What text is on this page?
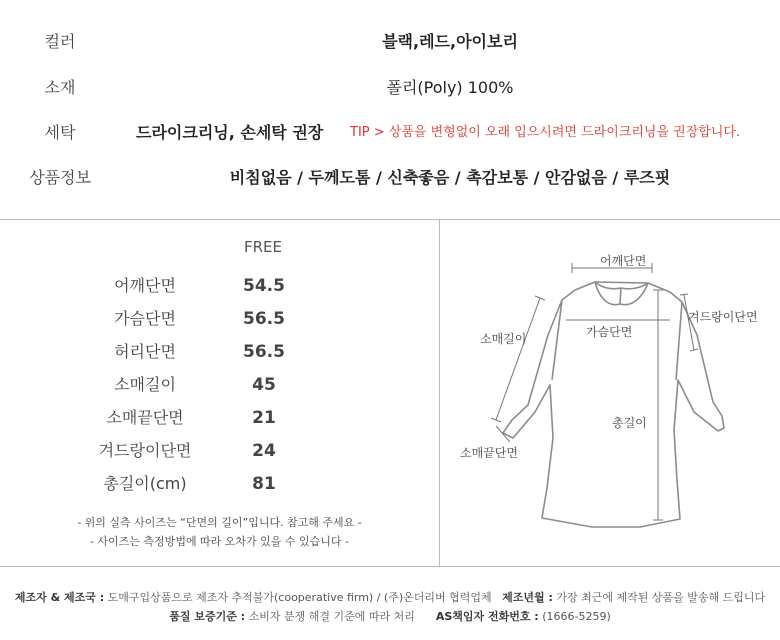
컬러	블랙,레드,아이보리
소재	폴리(Poly) 100%
세탁	드라이크리닝, 손세탁 권장 TIP > 상품을 변형없이 오래 입으시려면 드라이크리닝을 권장합니다.
상품정보	비침없음 / 두께도톰 / 신축좋음 / 촉감보통 / 안감없음 / 루즈핏
FREE
어깨단면	54.5
가슴단면	56.5
허리단면	56.5
소매길이	45
소매끝단면	21
겨드랑이단면	24
총길이(cm)	81
- 위의 실측 사이즈는 “단면의 길이”입니다. 참고해 주세요 -
- 사이즈는 측정방법에 따라 오차가 있을 수 있습니다 -
어깨단면
겨드랑이단면
소매길이	가슴단면
총길이
소매끝단면
제조자 & 제조국 : 도매구입상품으로 제조자 추적불가(cooperative firm) / (주)온더리버 협력업체 제조년월 : 가장 최근에 제작된 상품을 발송해 드립니다
품질 보증기준 : 소비자 분쟁 해결 기준에 따라 처리 AS책임자 전화번호 : (1666-5259)
